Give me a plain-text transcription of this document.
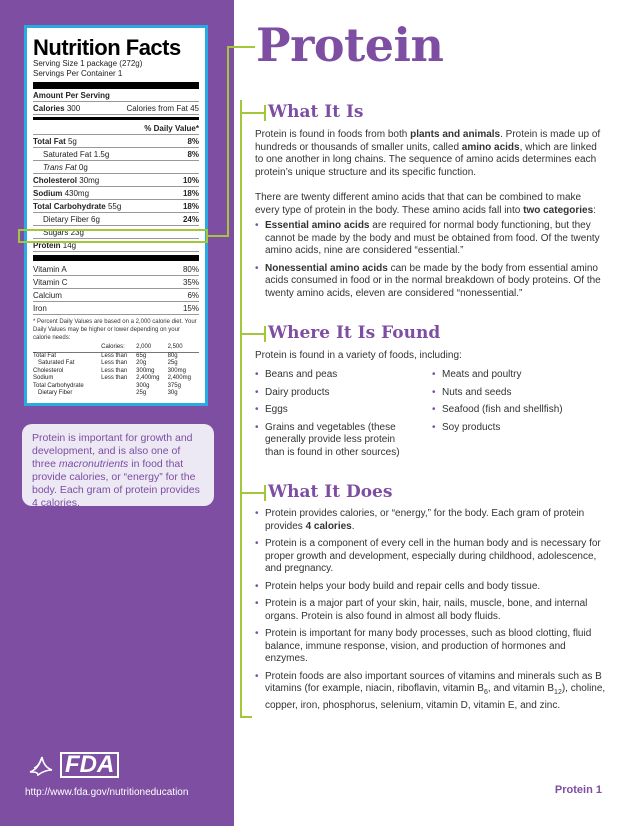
Nutrition Facts
Serving Size 1 package (272g)
Servings Per Container 1
Amount Per Serving
Calories 300	Calories from Fat 45
% Daily Value*
Total Fat 5g	8%
Saturated Fat 1.5g	8%
Trans Fat 0g
Cholesterol 30mg	10%
Sodium 430mg	18%
Total Carbohydrate 55g	18%
Dietary Fiber 6g	24%
Sugars 23g
Protein 14g
Vitamin A	80%
Vitamin C	35%
Calcium	6%
Iron	15%
* Percent Daily Values are based on a 2,000 calorie diet. Your Daily Values may be higher or lower depending on your calorie needs:
	Calories:	2,000	2,500
Total Fat	Less than	65g	80g
Saturated Fat	Less than	20g	25g
Cholesterol	Less than	300mg	300mg
Sodium	Less than	2,400mg	2,400mg
Total Carbohydrate		300g	375g
Dietary Fiber		25g	30g
Protein is important for growth and development, and is also one of three macronutrients in food that provide calories, or “energy” for the body. Each gram of protein provides 4 calories.
FDA
http://www.fda.gov/nutritioneducation
Protein
What It Is
Protein is found in foods from both plants and animals. Protein is made up of hundreds or thousands of smaller units, called amino acids, which are linked to one another in long chains. The sequence of amino acids determines each protein’s unique structure and its specific function.
There are twenty different amino acids that that can be combined to make every type of protein in the body. These amino acids fall into two categories:
• Essential amino acids are required for normal body functioning, but they cannot be made by the body and must be obtained from food. Of the twenty amino acids, nine are considered “essential.”
• Nonessential amino acids can be made by the body from essential amino acids consumed in food or in the normal breakdown of body proteins. Of the twenty amino acids, eleven are considered “nonessential.”
Where It Is Found
Protein is found in a variety of foods, including:
• Beans and peas
• Dairy products
• Eggs
• Grains and vegetables (these generally provide less protein than is found in other sources)
• Meats and poultry
• Nuts and seeds
• Seafood (fish and shellfish)
• Soy products
What It Does
• Protein provides calories, or “energy,” for the body. Each gram of protein provides 4 calories.
• Protein is a component of every cell in the human body and is necessary for proper growth and development, especially during childhood, adolescence, and pregnancy.
• Protein helps your body build and repair cells and body tissue.
• Protein is a major part of your skin, hair, nails, muscle, bone, and internal organs. Protein is also found in almost all body fluids.
• Protein is important for many body processes, such as blood clotting, fluid balance, immune response, vision, and production of hormones and enzymes.
• Protein foods are also important sources of vitamins and minerals such as B vitamins (for example, niacin, riboflavin, vitamin $B_6$, and vitamin $B_{12}$), choline, copper, iron, phosphorus, selenium, vitamin D, vitamin E, and zinc.
Protein 1
